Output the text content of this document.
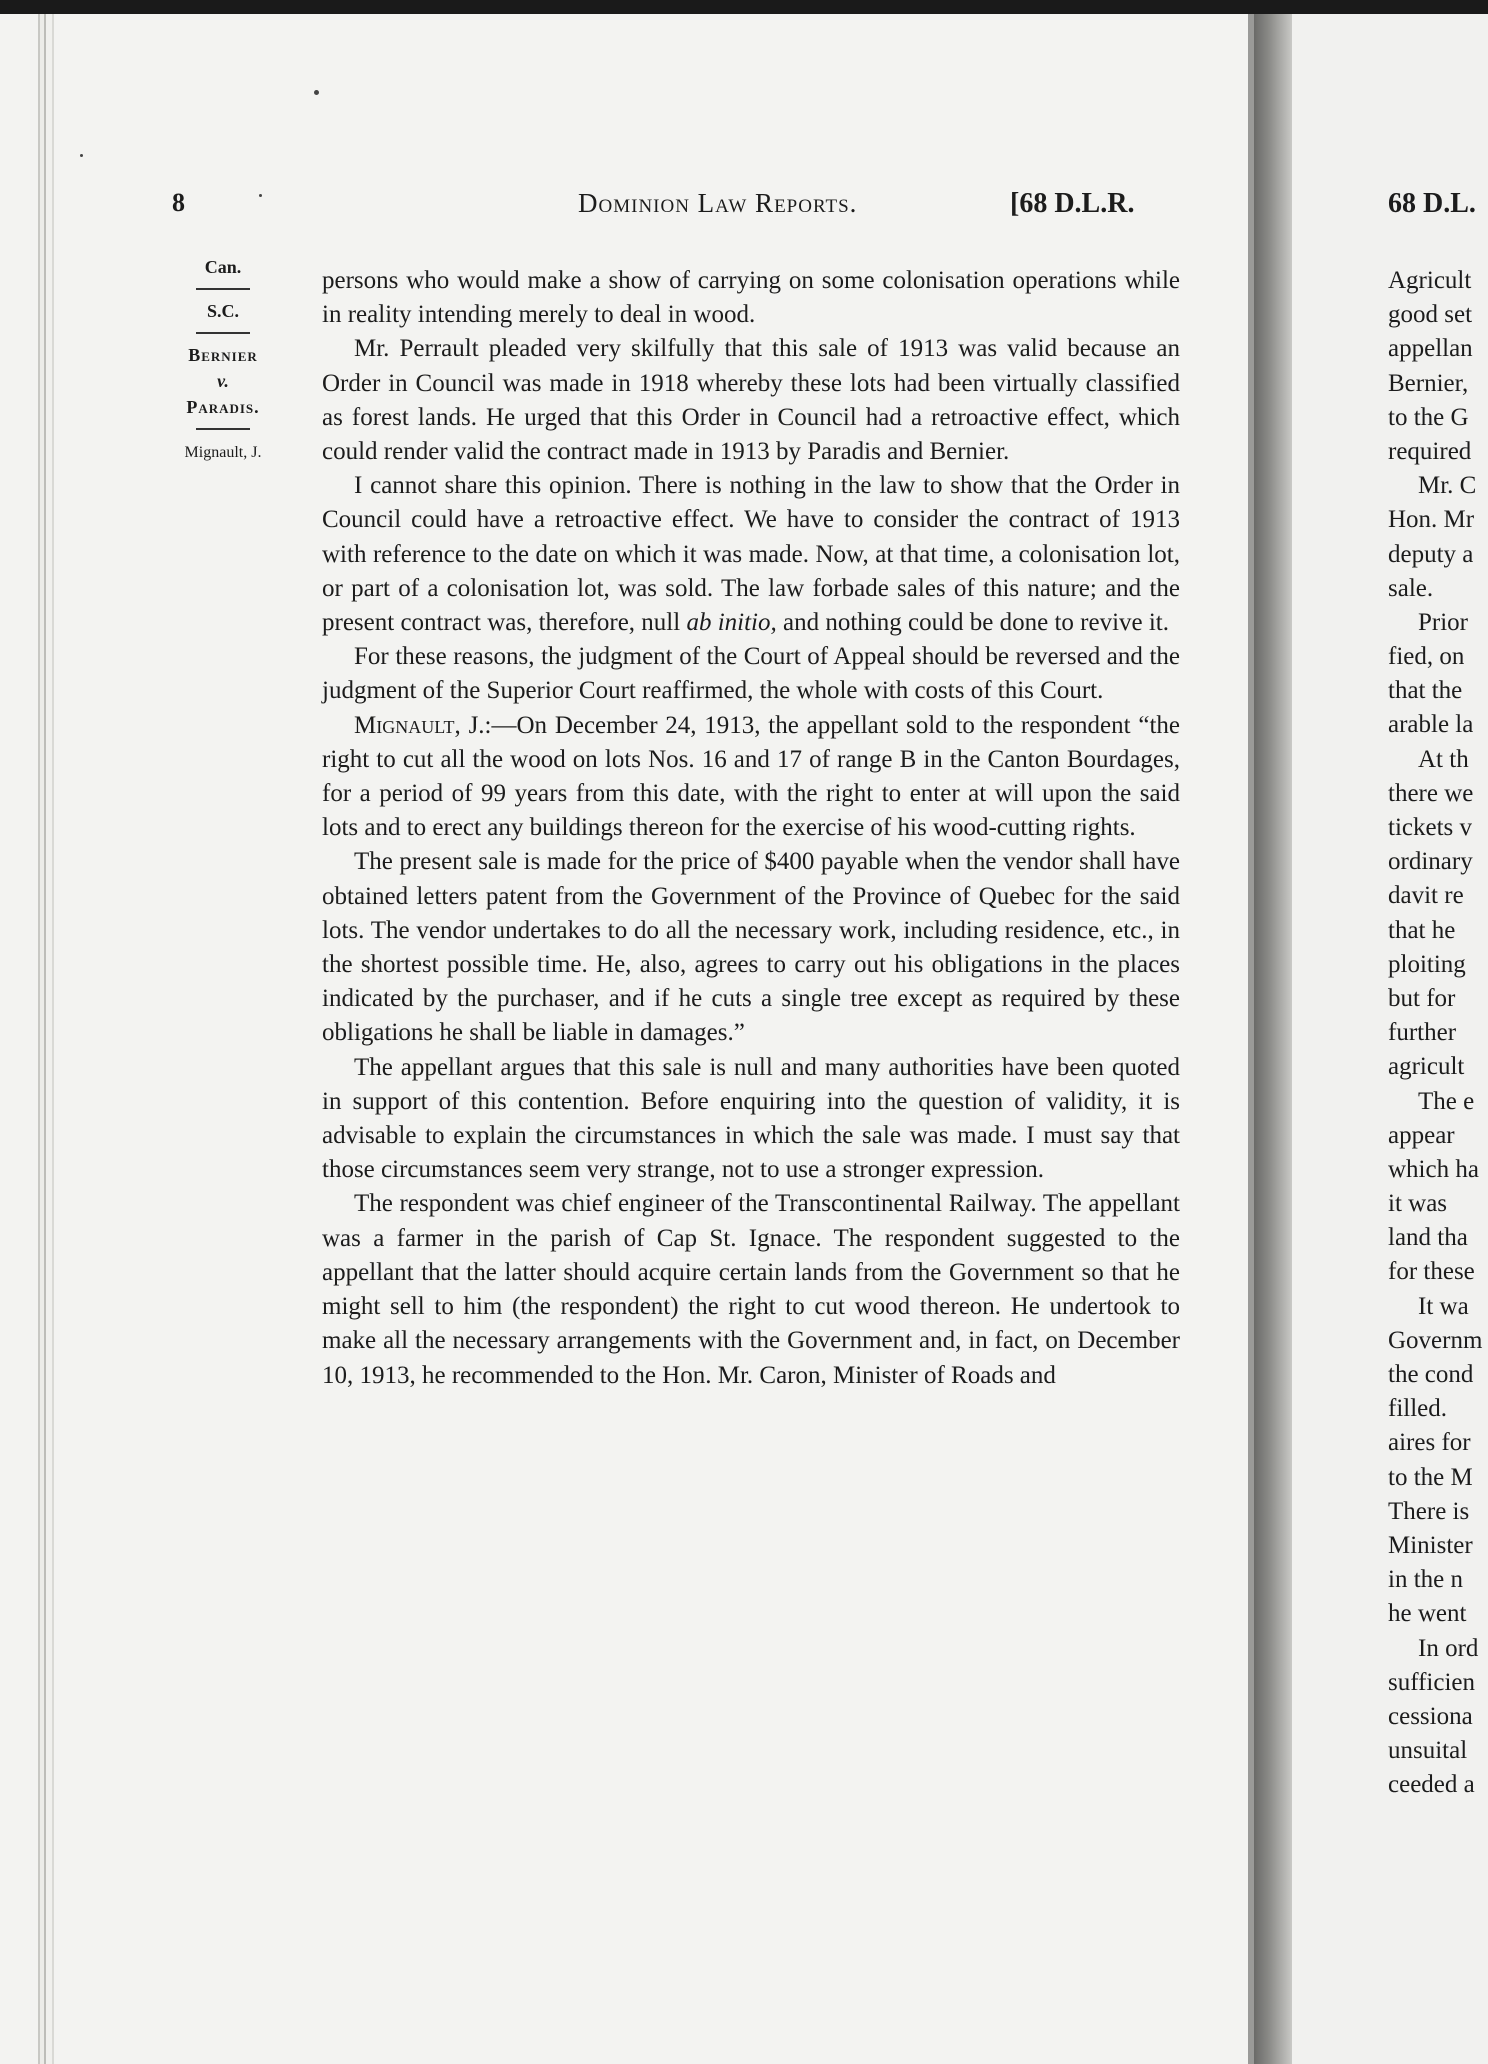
8	Dominion Law Reports.	[68 D.L.R.
Can.
S.C.
Bernier
v.
Paradis.
Mignault, J.

persons who would make a show of carrying on some colonisation operations while in reality intending merely to deal in wood.

Mr. Perrault pleaded very skilfully that this sale of 1913 was valid because an Order in Council was made in 1918 whereby these lots had been virtually classified as forest lands. He urged that this Order in Council had a retroactive effect, which could render valid the contract made in 1913 by Paradis and Bernier.

I cannot share this opinion. There is nothing in the law to show that the Order in Council could have a retroactive effect. We have to consider the contract of 1913 with reference to the date on which it was made. Now, at that time, a colonisation lot, or part of a colonisation lot, was sold. The law forbade sales of this nature; and the present contract was, therefore, null ab initio, and nothing could be done to revive it.

For these reasons, the judgment of the Court of Appeal should be reversed and the judgment of the Superior Court reaffirmed, the whole with costs of this Court.

Mignault, J.:—On December 24, 1913, the appellant sold to the respondent “the right to cut all the wood on lots Nos. 16 and 17 of range B in the Canton Bourdages, for a period of 99 years from this date, with the right to enter at will upon the said lots and to erect any buildings thereon for the exercise of his wood-cutting rights.

The present sale is made for the price of $400 payable when the vendor shall have obtained letters patent from the Government of the Province of Quebec for the said lots. The vendor undertakes to do all the necessary work, including residence, etc., in the shortest possible time. He, also, agrees to carry out his obligations in the places indicated by the purchaser, and if he cuts a single tree except as required by these obligations he shall be liable in damages.”

The appellant argues that this sale is null and many authorities have been quoted in support of this contention. Before enquiring into the question of validity, it is advisable to explain the circumstances in which the sale was made. I must say that those circumstances seem very strange, not to use a stronger expression.

The respondent was chief engineer of the Transcontinental Railway. The appellant was a farmer in the parish of Cap St. Ignace. The respondent suggested to the appellant that the latter should acquire certain lands from the Government so that he might sell to him (the respondent) the right to cut wood thereon. He undertook to make all the necessary arrangements with the Government and, in fact, on December 10, 1913, he recommended to the Hon. Mr. Caron, Minister of Roads and

68 D.L.
Agricult
good set
appellan
Bernier,
to the G
required
Mr. C
Hon. Mr
deputy a
sale.
Prior
fied, on
that the
arable la
At th
there we
tickets v
ordinary
davit re
that he
ploiting
but for
further
agricult
The e
appear
which ha
it was
land tha
for these
It wa
Governm
the cond
filled.
aires for
to the M
There is
Minister
in the n
he went
In ord
sufficien
cessiona
unsuital
ceeded a
